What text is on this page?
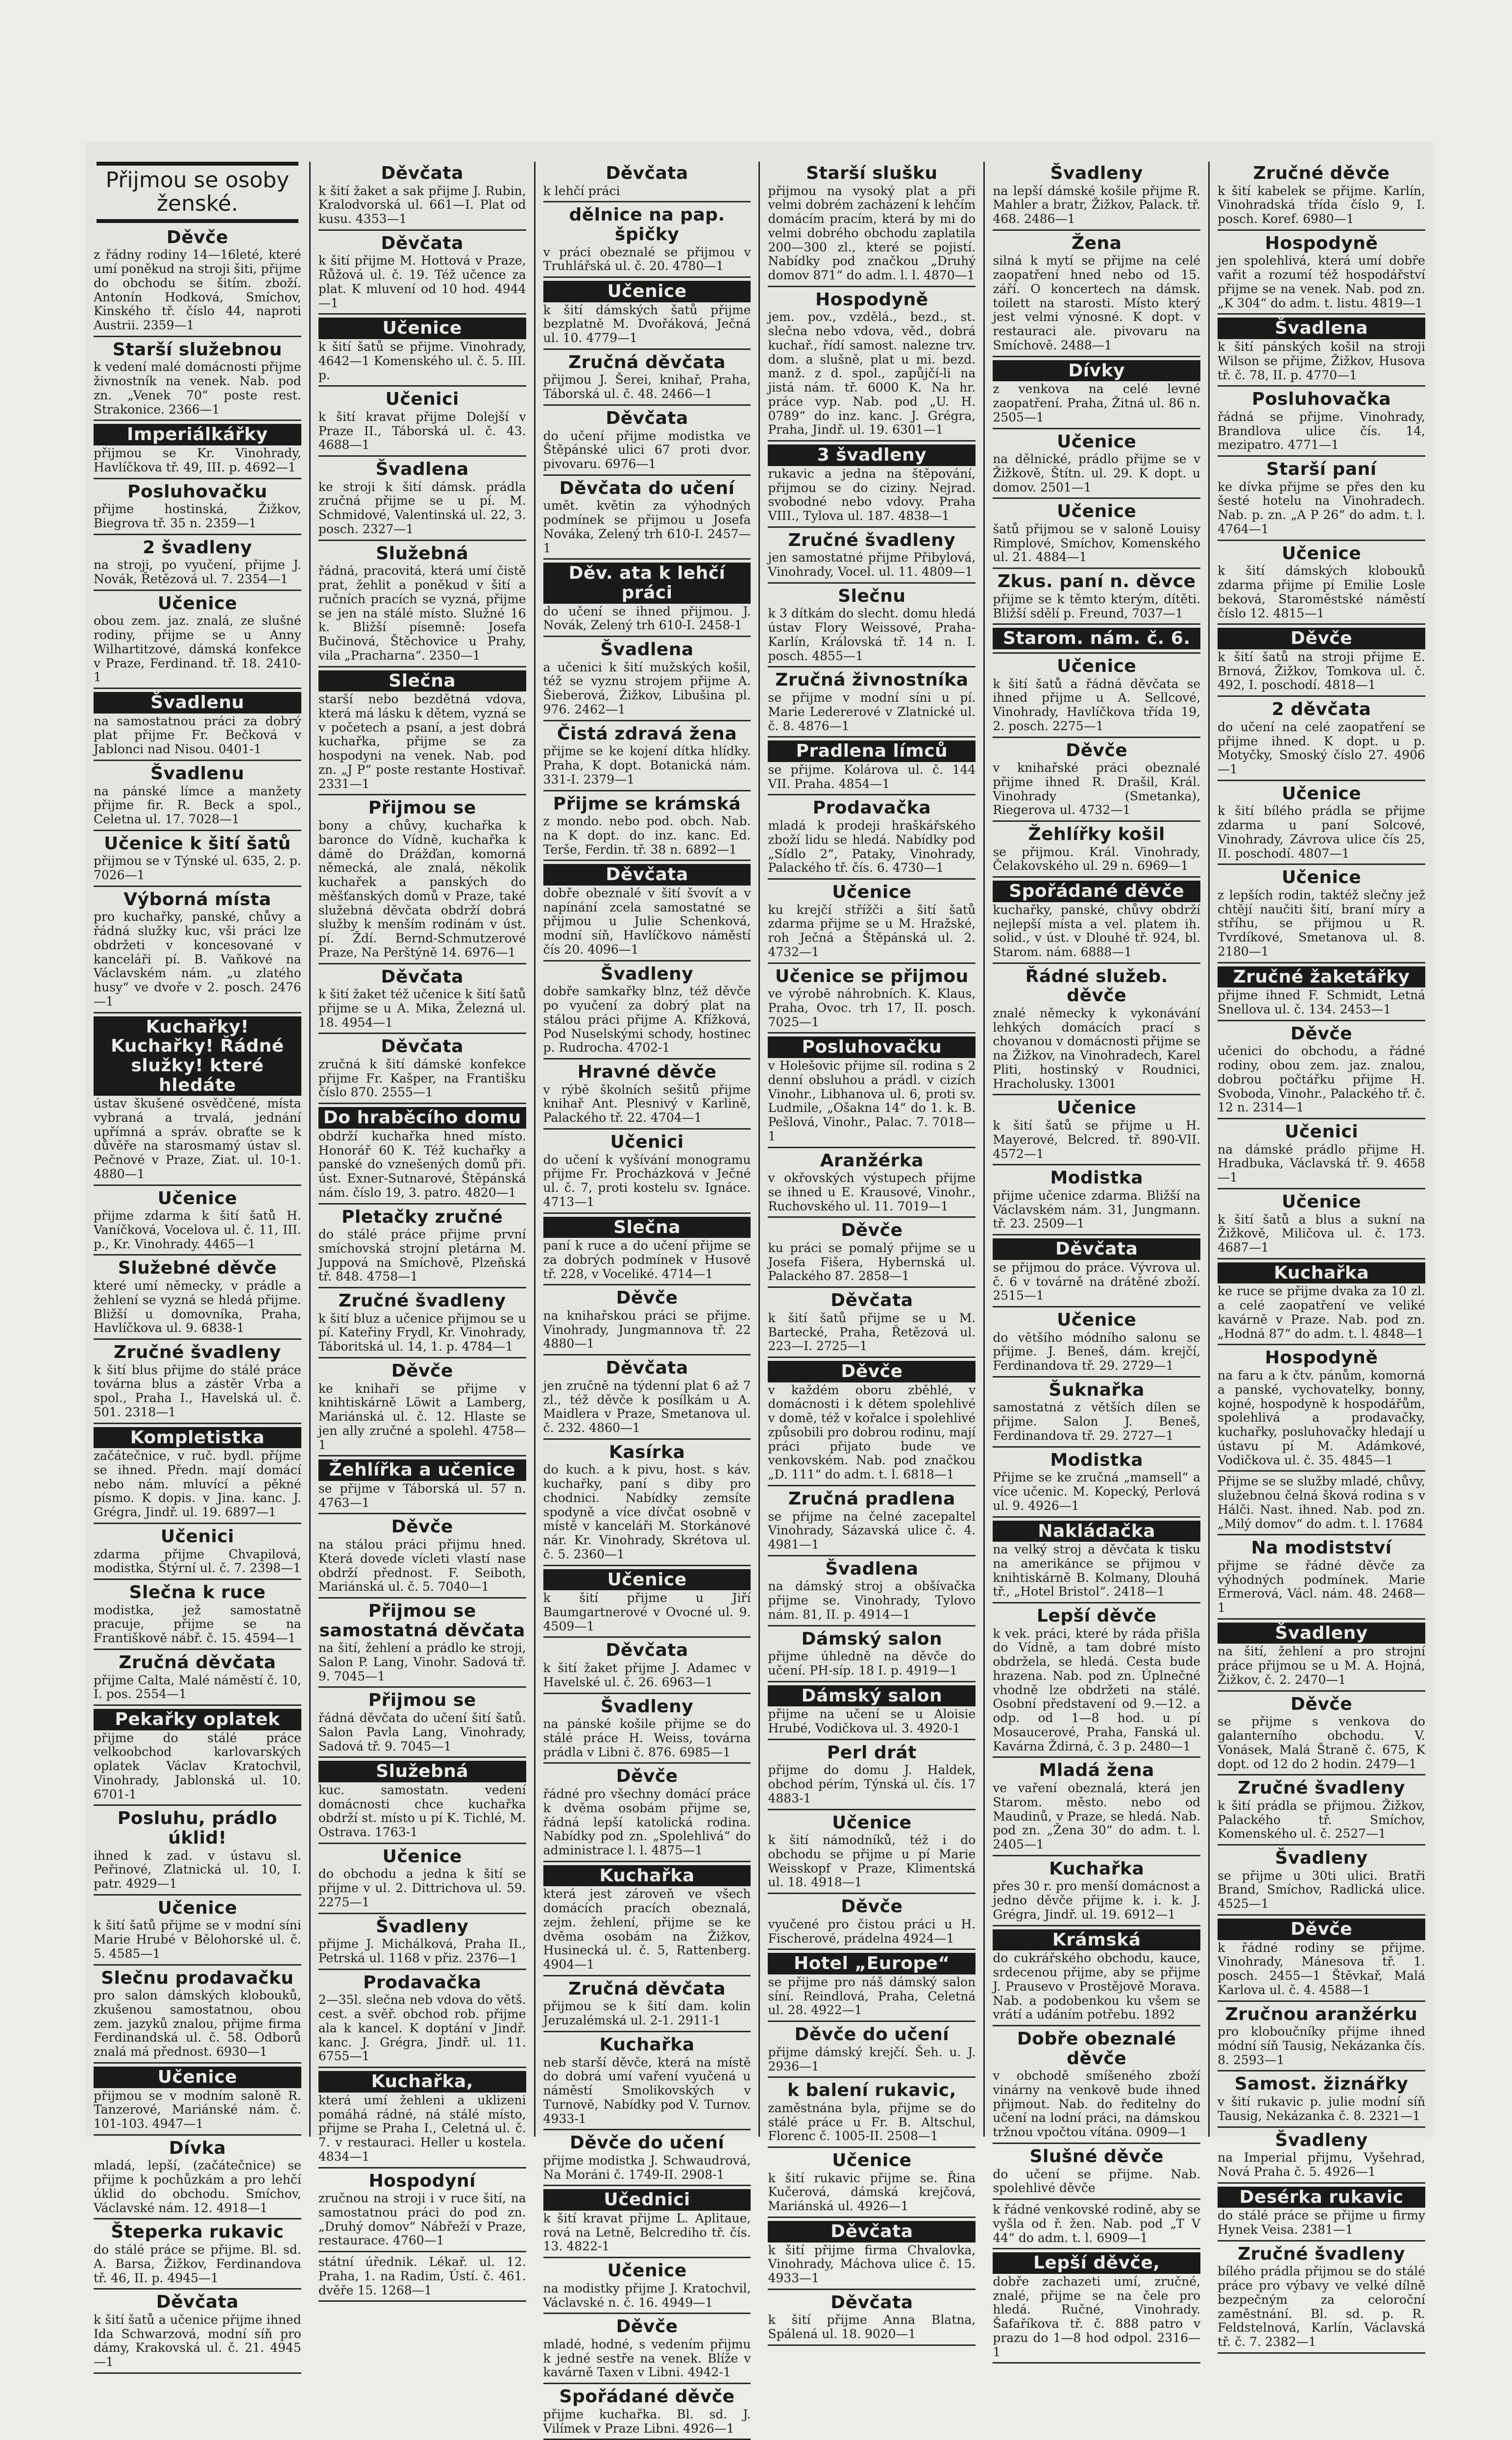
Přijmou se osoby ženské.
Děvče

z řádny rodiny 14—16leté, které umí poněkud na stroji šiti, přijme do obchodu se šitím. zboží. Antonín Hodková, Smíchov, Kinského tř. číslo 44, naproti Austrii. 2359—1

Starší služebnou

k vedení malé domácnosti přijme živnostník na venek. Nab. pod zn. „Venek 70“ poste rest. Strakonice. 2366—1

Imperiálkářky

přijmou se Kr. Vinohrady, Havlíčkova tř. 49, III. p. 4692—1

Posluhovačku

přijme hostinská, Žižkov, Biegrova tř. 35 n. 2359—1

2 švadleny

na stroji, po vyučení, přijme J. Novák, Řetězová ul. 7. 2354—1

Učenice

obou zem. jaz. znalá, ze slušné rodiny, přijme se u Anny Wilhartitzové, dámská konfekce v Praze, Ferdinand. tř. 18. 2410-1

Švadlenu

na samostatnou práci za dobrý plat přijme Fr. Bečková v Jablonci nad Nisou. 0401-1

Švadlenu

na pánské límce a manžety přijme fir. R. Beck a spol., Celetna ul. 17. 7028—1

Učenice k šití šatů

přijmou se v Týnské ul. 635, 2. p. 7026—1

Výborná místa

pro kuchařky, panské, chůvy a řádná služky kuc, vši práci lze obdržeti v koncesované v kanceláři pí. B. Vaňkové na Václavském nám. „u zlatého husy“ ve dvoře v 2. posch. 2476—1

Kuchařky! Kuchařky! Řádné služky! které hledáte

ústav škušené osvědčené, místa vybraná a trvalá, jednání upřímná a správ. obraťte se k důvěře na starosmamý ústav sl. Pečnové v Praze, Ziat. ul. 10-1. 4880—1

Učenice

přijme zdarma k šití šatů H. Vaníčková, Vocelova ul. č. 11, III. p., Kr. Vinohrady. 4465—1

Služebné děvče

které umí německy, v prádle a žehlení se vyzná se hledá přijme. Bližší u domovníka, Praha, Havlíčkova ul. 9. 6838-1

Zručné švadleny

k šití blus přijme do stálé práce továrna blus a zástěr Vrba a spol., Praha I., Havelská ul. č. 501. 2318—1

Kompletistka

začátečnice, v ruč. bydl. příjme se ihned. Předn. mají domácí nebo nám. mluvící a pěkné písmo. K dopis. v Jina. kanc. J. Grégra, Jindř. ul. 19. 6897—1

Učenici

zdarma přijme Chvapilová, modistka, Štýrní ul. č. 7. 2398—1

Slečna k ruce

modistka, jež samostatně pracuje, přijme se na Františkově nábř. č. 15. 4594—1

Zručná děvčata

přijme Calta, Malé náměstí č. 10, I. pos. 2554—1

Pekařky oplatek

přijme do stálé práce velkoobchod karlovarských oplatek Václav Kratochvil, Vinohrady, Jablonská ul. 10. 6701-1

Posluhu, prádlo úklid!

ihned k zad. v ústavu sl. Peřinové, Zlatnická ul. 10, I. patr. 4929—1

Učenice

k šití šatů přijme se v modní síni Marie Hrubé v Bělohorské ul. č. 5. 4585—1

Slečnu prodavačku

pro salon dámských klobouků, zkušenou samostatnou, obou zem. jazyků znalou, přijme firma Ferdinandská ul. č. 58. Odborů znalá má přednost. 6930—1

Učenice

přijmou se v modním saloně R. Tanzerové, Mariánské nám. č. 101-103. 4947—1

Dívka

mladá, lepší, (začátečnice) se přijme k pochůzkám a pro lehčí úklid do obchodu. Smíchov, Václavské nám. 12. 4918—1

Šteperka rukavic

do stálé práce se přijme. Bl. sd. A. Barsa, Žižkov, Ferdinandova tř. 46, II. p. 4945—1

Děvčata

k šití šatů a učenice přijme ihned Ida Schwarzová, modní síň pro dámy, Krakovská ul. č. 21. 4945—1

Děvčata

k šití žaket a sak přijme J. Rubin, Kralodvorská ul. 661—I. Plat od kusu. 4353—1

Děvčata

k šití přijme M. Hottová v Praze, Růžová ul. č. 19. Též učence za plat. K mluvení od 10 hod. 4944—1

Učenice

k šití šatů se přijme. Vinohrady, 4642—1 Komenského ul. č. 5. III. p.

Učenici

k šití kravat přijme Dolejší v Praze II., Táborská ul. č. 43. 4688—1

Švadlena

ke stroji k šití dámsk. prádla zručná přijme se u pí. M. Schmidové, Valentinská ul. 22, 3. posch. 2327—1

Služebná

řádná, pracovitá, která umí čistě prat, žehlit a poněkud v šití a ručních pracích se vyzná, přijme se jen na stálé místo. Služné 16 k. Bližší písemně: Josefa Bučinová, Štěchovice u Prahy, vila „Pracharna“. 2350—1

Slečna

starší nebo bezdětná vdova, která má lásku k dětem, vyzná se v početech a psaní, a jest dobrá kuchařka, přijme se za hospodyni na venek. Nab. pod zn. „J P“ poste restante Hostivař. 2331—1

Přijmou se

bony a chůvy, kuchařka k baronce do Vídně, kuchařka k dámě do Drážďan, komorná německá, ale znalá, několik kuchařek a panských do měšťanských domů v Praze, také služebná děvčata obdrží dobrá služby k menším rodinám v úst. pí. Ždí. Bernd-Schmutzerové Praze, Na Perštýně 14. 6976—1

Děvčata

k šití žaket též učenice k šití šatů přijme se u A. Mika, Železná ul. 18. 4954—1

Děvčata

zručná k šití dámské konfekce přijme Fr. Kašper, na Františku číslo 870. 2555—1

Do hraběcího domu

obdrží kuchařka hned místo. Honorář 60 K. Též kuchařky a panské do vznešených domů při. úst. Exner-Sutnarové, Štěpánská nám. číslo 19, 3. patro. 4820—1

Pletačky zručné

do stálé práce přijme první smíchovská strojní pletárna M. Juppová na Smíchově, Plzeňská tř. 848. 4758—1

Zručné švadleny

k šití bluz a učenice přijmou se u pí. Kateřiny Frydl, Kr. Vinohrady, Táboritská ul. 14, 1. p. 4784—1

Děvče

ke knihaři se přijme v knihtiskárně Löwit a Lamberg, Mariánská ul. č. 12. Hlaste se jen ally zručné a spolehl. 4758—1

Žehlířka a učenice

se přijme v Táborská ul. 57 n. 4763—1

Děvče

na stálou práci přijmu hned. Která dovede vícleti vlastí nase obdrží přednost. F. Seiboth, Mariánská ul. č. 5. 7040—1

Přijmou se samostatná děvčata

na šití, žehlení a prádlo ke stroji, Salon P. Lang, Vinohr. Sadová tř. 9. 7045—1

Přijmou se

řádná děvčata do učení šití šatů. Salon Pavla Lang, Vinohrady, Sadová tř. 9. 7045—1

Služebná

kuc. samostatn. vedení domácnosti chce kuchařka obdrží st. místo u pí K. Tichlé, M. Ostrava. 1763-1

Učenice

do obchodu a jedna k šití se přijme v ul. 2. Dittrichova ul. 59. 2275—1

Švadleny

přijme J. Michálková, Praha II., Petrská ul. 1168 v přiz. 2376—1

Prodavačka

2—35l. slečna neb vdova do větš. cest. a svěř. obchod rob. přijme ala k kancel. K doptání v Jindř. kanc. J. Grégra, Jindř. ul. 11. 6755—1

Kuchařka,

která umí žehleni a uklizeni pomáhá rádné, ná stálé místo, přijme se Praha I., Celetná ul. č. 7. v restauraci. Heller u kostela. 4834—1

Hospodyní

zručnou na stroji i v ruce šití, na samostatnou práci do pod zn. „Druhý domov“ Nábřeží v Praze, restaurace. 4760—1

státní úřednik. Lékař. ul. 12. Praha, 1. na Radim, Ústí. č. 461. dvěře 15. 1268—1

Děvčata

k lehčí práci

dělnice na pap. špičky

v práci obeznalé se přijmou v Truhlářská ul. č. 20. 4780—1

Učenice

k šití dámských šatů přijme bezplatně M. Dvořáková, Ječná ul. 10. 4779—1

Zručná děvčata

přijmou J. Šerei, knihař, Praha, Táborská ul. č. 48. 2466—1

Děvčata

do učení přijme modistka ve Štěpánské ulici 67 proti dvor. pivovaru. 6976—1

Děvčata do učení

umět. květin za výhodných podmínek se přijmou u Josefa Nováka, Zelený trh 610-I. 2457—1

Děv. ata k lehčí práci

do učení se ihned přijmou. J. Novák, Zelený trh 610-I. 2458-1

Švadlena

a učenici k šití mužských košil, též se vyznu strojem přijme A. Šieberová, Žižkov, Libušina pl. 976. 2462—1

Čistá zdravá žena

přijme se ke kojení dítka hlídky. Praha, K dopt. Botanická nám. 331-I. 2379—1

Přijme se krámská

z mondo. nebo pod. obch. Nab. na K dopt. do inz. kanc. Ed. Terše, Ferdin. tř. 38 n. 6892—1

Děvčata

dobře obeznalé v šití švovít a v napínání zcela samostatné se přijmou u Julie Schenková, modní síň, Havlíčkovo náměstí čís 20. 4096—1

Švadleny

dobře samkařky blnz, též děvče po vyučení za dobrý plat na stálou práci přijme A. Kfížková, Pod Nuselskými schody, hostinec p. Rudrocha. 4702-1

Hravné děvče

v rýbě školních sešitů přijme knihař Ant. Plesnivý v Karlině, Palackého tř. 22. 4704—1

Učenici

do učení k vyšívání monogramu přijme Fr. Procházková v Ječné ul. č. 7, proti kostelu sv. Ignáce. 4713—1

Slečna

paní k ruce a do učení přijme se za dobrých podmínek v Husově tř. 228, v Voceliké. 4714—1

Děvče

na knihařskou práci se přijme. Vinohrady, Jungmannova tř. 22 4880—1

Děvčata

jen zručně na týdenní plat 6 až 7 zl., též děvče k posílkám u A. Maidlera v Praze, Smetanova ul. č. 232. 4860—1

Kasírka

do kuch. a k pivu, host. s káv. kuchařky, paní s diby pro chodnici. Nabídky zemsíte spodyně a více dívčat osobně v místě v kanceláři M. Storkánové nár. Kr. Vinohrady, Skrétova ul. č. 5. 2360—1

Učenice

k šití přijme u Jiří Baumgartnerové v Ovocné ul. 9. 4509—1

Děvčata

k šití žaket přijme J. Adamec v Havelské ul. č. 26. 6963—1

Švadleny

na pánské košile přijme se do stálé práce H. Weiss, továrna prádla v Libni č. 876. 6985—1

Děvče

řádné pro všechny domácí práce k dvěma osobám přijme se, řádná lepší katolická rodina. Nabídky pod zn. „Spolehlivá“ do administrace l. l. 4875—1

Kuchařka

která jest zároveň ve všech domácích pracích obeznalá, zejm. žehlení, přijme se ke dvěma osobám na Žižkov, Husinecká ul. č. 5, Rattenberg. 4904—1

Zručná děvčata

přijmou se k šití dam. kolin Jeruzalémská ul. 2-1. 2911-1

Kuchařka

neb starší děvče, která na místě do dobrá umí vaření vyučená u náměstí Smolikovských v Turnově, Nabídky pod V. Turnov. 4933-1

Děvče do učení

přijme modistka J. Schwaudrová, Na Moráni č. 1749-II. 2908-1

Učednici

k šití kravat přijme L. Aplitaue, rová na Letně, Belcrediho tř. čís. 13. 4822-1

Učenice

na modistky přijme J. Kratochvil, Václavské n. č. 16. 4949—1

Děvče

mladé, hodné, s vedením přijmu k jedné sestře na venek. Blíže v kavárně Taxen v Libni. 4942-1

Spořádané děvče

přijme kuchařka. Bl. sd. J. Vilímek v Praze Libni. 4926—1

Starší slušku

přijmou na vysoký plat a při velmi dobrém zacházení k lehčím domácím pracím, která by mi do velmi dobrého obchodu zaplatila 200—300 zl., které se pojistí. Nabídky pod značkou „Druhý domov 871“ do adm. l. l. 4870—1

Hospodyně

jem. pov., vzdělá., bezd., st. slečna nebo vdova, věd., dobrá kuchař., řídí samost. nalezne trv. dom. a slušně, plat u mi. bezd. manž. z d. spol., zapůjčí-li na jistá nám. tř. 6000 K. Na hr. práce vyp. Nab. pod „U. H. 0789“ do inz. kanc. J. Grégra, Praha, Jindř. ul. 19. 6301—1

3 švadleny

rukavic a jedna na štěpování, přijmou se do ciziny. Nejrad. svobodné nebo vdovy. Praha VIII., Tylova ul. 187. 4838—1

Zručné švadleny

jen samostatné přijme Přibylová, Vinohrady, Vocel. ul. 11. 4809—1

Slečnu

k 3 dítkám do slecht. domu hledá ústav Flory Weissové, Praha-Karlín, Královská tř. 14 n. I. posch. 4855—1

Zručná živnostníka

se přijme v modní síni u pí. Marie Ledererové v Zlatnické ul. č. 8. 4876—1

Pradlena límců

se přijme. Kolárova ul. č. 144 VII. Praha. 4854—1

Prodavačka

mladá k prodeji hraškářského zboží lidu se hledá. Nabídky pod „Sídlo 2“, Pataky, Vinohrady, Palackého tř. čís. 6. 4730—1

Učenice

ku krejčí střížči a šití šatů zdarma přijme se u M. Hražské, roh Ječná a Štěpánská ul. 2. 4732—1

Učenice se přijmou

ve výrobě náhrobních. K. Klaus, Praha, Ovoc. trh 17, II. posch. 7025—1

Posluhovačku

v Holešovic přijme síl. rodina s 2 denní obsluhou a prádl. v cizích Vinohr., Libhanova ul. 6, proti sv. Ludmile, „Ošakna 14“ do 1. k. B. Pešlová, Vinohr., Palac. 7. 7018—1

Aranžérka

v okřovských výstupech přijme se ihned u E. Krausové, Vinohr., Ruchovského ul. 11. 7019—1

Děvče

ku práci se pomalý přijme se u Josefa Fišera, Hybernská ul. Palackého 87. 2858—1

Děvčata

k šití šatů přijme se u M. Bartecké, Praha, Řetězová ul. 223—I. 2725—1

Děvče

v každém oboru zběhlé, v domácnosti i k dětem spolehlivé v domě, též v kořalce i spolehlivé způsobili pro dobrou rodinu, mají práci přijato bude ve venkovském. Nab. pod značkou „D. 111“ do adm. t. l. 6818—1

Zručná pradlena

se přijme na čelné zacepaltel Vinohrady, Sázavská ulice č. 4. 4981—1

Švadlena

na dámský stroj a obšívačka přijme se. Vinohrady, Tylovo nám. 81, II. p. 4914—1

Dámský salon

přijme úhledně na děvče do učení. PH-síp. 18 I. p. 4919—1

Dámský salon

přijme na učení se u Aloisie Hrubé, Vodičkova ul. 3. 4920-1

Perl drát

přijme do domu J. Haldek, obchod pérím, Týnská ul. čís. 17 4883-1

Učenice

k šití námodníků, též i do obchodu se přijme u pí Marie Weisskopf v Praze, Klimentská ul. 18. 4918—1

Děvče

vyučené pro čistou práci u H. Fischerové, prádelna 4924—1

Hotel „Europe“

se přijme pro náš dámský salon síní. Reindlová, Praha, Celetná ul. 28. 4922—1

Děvče do učení

přijme dámský krejčí. Šeh. u. J. 2936—1

k balení rukavic,

zaměstnána byla, přijme se do stálé práce u Fr. B. Altschul, Florenc č. 1005-II. 2508—1

Učenice

k šití rukavic přijme se. Řina Kučerová, dámská krejčová, Mariánská ul. 4926—1

Děvčata

k šití přijme firma Chvalovka, Vinohrady, Máchova ulice č. 15. 4933—1

Děvčata

k šití přijme Anna Blatna, Spálená ul. 18. 9020—1

Švadleny

na lepší dámské košile přijme R. Mahler a bratr, Žižkov, Palack. tř. 468. 2486—1

Žena

silná k mytí se přijme na celé zaopatření hned nebo od 15. září. O koncertech na dámsk. toilett na starosti. Místo který jest velmi výnosné. K dopt. v restauraci ale. pivovaru na Smíchově. 2488—1

Dívky

z venkova na celé levné zaopatření. Praha, Žitná ul. 86 n. 2505—1

Učenice

na dělnické, prádlo přijme se v Žižkově, Štítn. ul. 29. K dopt. u domov. 2501—1

Učenice

šatů přijmou se v saloně Louisy Rimplové, Smíchov, Komenského ul. 21. 4884—1

Zkus. paní n. děvce

přijme se k těmto kterým, dítěti. Bližší sdělí p. Freund, 7037—1

Starom. nám. č. 6.
Učenice

k šití šatů a řádná děvčata se ihned přijme u A. Sellcové, Vinohrady, Havlíčkova třída 19, 2. posch. 2275—1

Děvče

v knihařské práci obeznalé přijme ihned R. Drašil, Král. Vinohrady (Smetanka), Riegerova ul. 4732—1

Žehlířky košil

se přijmou. Král. Vinohrady, Čelakovského ul. 29 n. 6969—1

Spořádané děvče

kuchařky, panské, chůvy obdrží nejlepší místa a vel. platem ih. solid., v úst. v Dlouhé tř. 924, bl. Starom. nám. 6888—1

Řádné služeb. děvče

znalé německy k vykonávání lehkých domácích prací s chovanou v domácnosti přijme se na Žižkov, na Vinohradech, Karel Pliti, hostinský v Roudnici, Hracholusky. 13001

Učenice

k šití šatů se přijme u H. Mayerové, Belcred. tř. 890-VII. 4572—1

Modistka

přijme učenice zdarma. Bližší na Václavském nám. 31, Jungmann. tř. 23. 2509—1

Děvčata

se přijmou do práce. Vývrova ul. č. 6 v továrně na drátěné zboží. 2515—1

Učenice

do většího módního salonu se přijme. J. Beneš, dám. krejčí, Ferdinandova tř. 29. 2729—1

Šuknařka

samostatná z větších dílen se přijme. Salon J. Beneš, Ferdinandova tř. 29. 2727—1

Modistka

Přijme se ke zručná „mamsell“ a více učenic. M. Kopecký, Perlová ul. 9. 4926—1

Nakládačka

na velký stroj a děvčata k tisku na amerikánce se přijmou v knihtiskárně B. Kolmany, Dlouhá tř., „Hotel Bristol“. 2418—1

Lepší děvče

k vek. práci, které by ráda přišla do Vídně, a tam dobré místo obdržela, se hledá. Cesta bude hrazena. Nab. pod zn. Úplnečné vhodně lze obdržeti na stálé. Osobní představení od 9.—12. a odp. od 1—8 hod. u pí Mosaucerové, Praha, Fanská ul. Kavárna Ždirná, č. 3 p. 2480—1

Mladá žena

ve vaření obeznalá, která jen Starom. město. nebo od Maudinů, v Praze, se hledá. Nab. pod zn. „Žena 30“ do adm. t. l. 2405—1

Kuchařka

přes 30 r. pro menší domácnost a jedno děvče přijme k. i. k. J. Grégra, Jindř. ul. 19. 6912—1

Krámská

do cukrářského obchodu, kauce, srdecenou přijme, aby se přijme J. Prausevo v Prostějově Morava. Nab. a podobenkou ku všem se vrátí a udáním potřebu. 1892

Dobře obeznalé děvče

v obchodě smíšeného zboží vinárny na venkově bude ihned přijmout. Nab. do ředitelny do učení na lodní práci, na dámskou tržnou vpočtou vítána. 0909—1

Slušné děvče

do učení se přijme. Nab. spolehlivé děvče

k řádné venkovské rodině, aby se vyšla od ř. žen. Nab. pod „T V 44“ do adm. t. l. 6909—1

Lepší děvče,

dobře zachazeti umí, zručné, znalé, přijme se na čele pro hledá. Ručné, Vinohrady. Šafaříkova tř. č. 888 patro v prazu do 1—8 hod odpol. 2316—1

Zručné děvče

k šití kabelek se přijme. Karlín, Vinohradská třída číslo 9, I. posch. Koref. 6980—1

Hospodyně

jen spolehlivá, která umí dobře vařit a rozumí též hospodářství přijme se na venek. Nab. pod zn. „K 304“ do adm. t. listu. 4819—1

Švadlena

k šití pánských košil na stroji Wilson se přijme, Žižkov, Husova tř. č. 78, II. p. 4770—1

Posluhovačka

řádná se přijme. Vinohrady, Brandlova ulice čís. 14, mezipatro. 4771—1

Starší paní

ke dívka přijme se přes den ku šesté hotelu na Vinohradech. Nab. p. zn. „A P 26“ do adm. t. l. 4764—1

Učenice

k šití dámských klobouků zdarma přijme pí Emilie Losle beková, Staroměstské náměstí číslo 12. 4815—1

Děvče

k šití šatů na stroji přijme E. Brnová, Žižkov, Tomkova ul. č. 492, I. poschodí. 4818—1

2 děvčata

do učení na celé zaopatření se přijme ihned. K dopt. u p. Motyčky, Smoský číslo 27. 4906—1

Učenice

k šití bílého prádla se přijme zdarma u paní Solcové, Vinohrady, Závrova ulice čís 25, II. poschodí. 4807—1

Učenice

z lepších rodin, taktéž slečny jež chtějí naučiti šití, braní míry a stříhu, se přijmou u R. Tvrdíkové, Smetanova ul. 8. 2180—1

Zručné žaketářky

přijme ihned F. Schmidt, Letná Snellova ul. č. 134. 2453—1

Děvče

učenici do obchodu, a řádné rodiny, obou zem. jaz. znalou, dobrou počtářku přijme H. Svoboda, Vinohr., Palackého tř. č. 12 n. 2314—1

Učenici

na dámské prádlo přijme H. Hradbuka, Václavská tř. 9. 4658—1

Učenice

k šití šatů a blus a sukní na Žižkově, Miličova ul. č. 173. 4687—1

Kuchařka

ke ruce se přijme dvaka za 10 zl. a celé zaopatření ve veliké kavárně v Praze. Nab. pod zn. „Hodná 87“ do adm. t. l. 4848—1

Hospodyně

na faru a k čtv. pánům, komorná a panské, vychovatelky, bonny, kojné, hospodyně k hospodářům, spolehlivá a prodavačky, kuchařky, posluhovačky hledají u ústavu pí M. Adámkové, Vodičkova ul. č. 35. 4845—1

Přijme se se služby mladé, chůvy, služebnou čelná šková rodina s v Hálči. Nast. ihned. Nab. pod zn. „Milý domov“ do adm. t. l. 17684

Na modistství

přijme se řádné děvče za výhodných podmínek. Marie Ermerová, Václ. nám. 48. 2468—1

Švadleny

na šití, žehlení a pro strojní práce přijmou se u M. A. Hojná, Žižkov, č. 2. 2470—1

Děvče

se přijme s venkova do galanterního obchodu. V. Vonásek, Malá Štraně č. 675, K dopt. od 12 do 2 hodin. 2479—1

Zručné švadleny

k šití prádla se přijmou. Žižkov, Palackého tř. Smíchov, Komenského ul. č. 2527—1

Švadleny

se přijme u 30ti ulici. Bratři Brand, Smíchov, Radlická ulice. 4525—1

Děvče

k řádné rodiny se přijme. Vinohrady, Mánesova tř. 1. posch. 2455—1 Štěvkař, Malá Karlova ul. č. 4. 4588—1

Zručnou aranžérku

pro kloboučníky přijme ihned módní síň Tausig, Nekázanka čís. 8. 2593—1

Samost. žiznářky

v šití rukavic p. julie modní síň Tausig, Nekázanka č. 8. 2321—1

Švadleny

na Imperial přijmu, Vyšehrad, Nová Praha č. 5. 4926—1

Desérka rukavic

do stálé práce se přijme u firmy Hynek Veisa. 2381—1

Zručné švadleny

bílého prádla přijmou se do stálé práce pro výbavy ve velké dílně bezpečným za celoroční zaměstnání. Bl. sd. p. R. Feldstelnová, Karlín, Václavská tř. č. 7. 2382—1
